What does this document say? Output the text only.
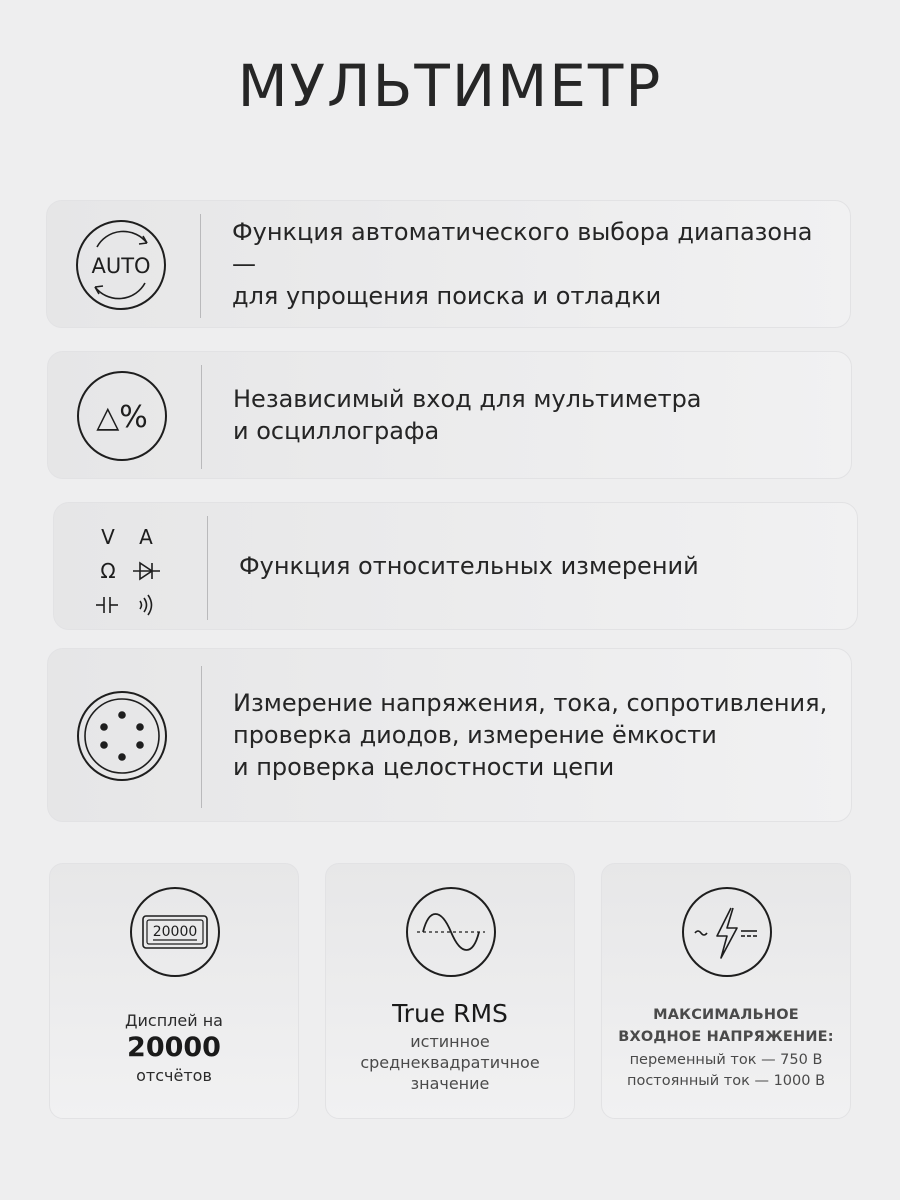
МУЛЬТИМЕТР
AUTO
Функция автоматического выбора диапазона —
для упрощения поиска и отладки
△%
Независимый вход для мультиметра
и осциллографа
V A
Ω	Функция относительных измерений
Измерение напряжения, тока, сопротивления,
проверка диодов, измерение ёмкости
и проверка целостности цепи
20000
Дисплей на
20000
отсчётов
True RMS
истинное
среднеквадратичное
значение
МАКСИМАЛЬНОЕ
ВХОДНОЕ НАПРЯЖЕНИЕ:
переменный ток — 750 В
постоянный ток — 1000 В
